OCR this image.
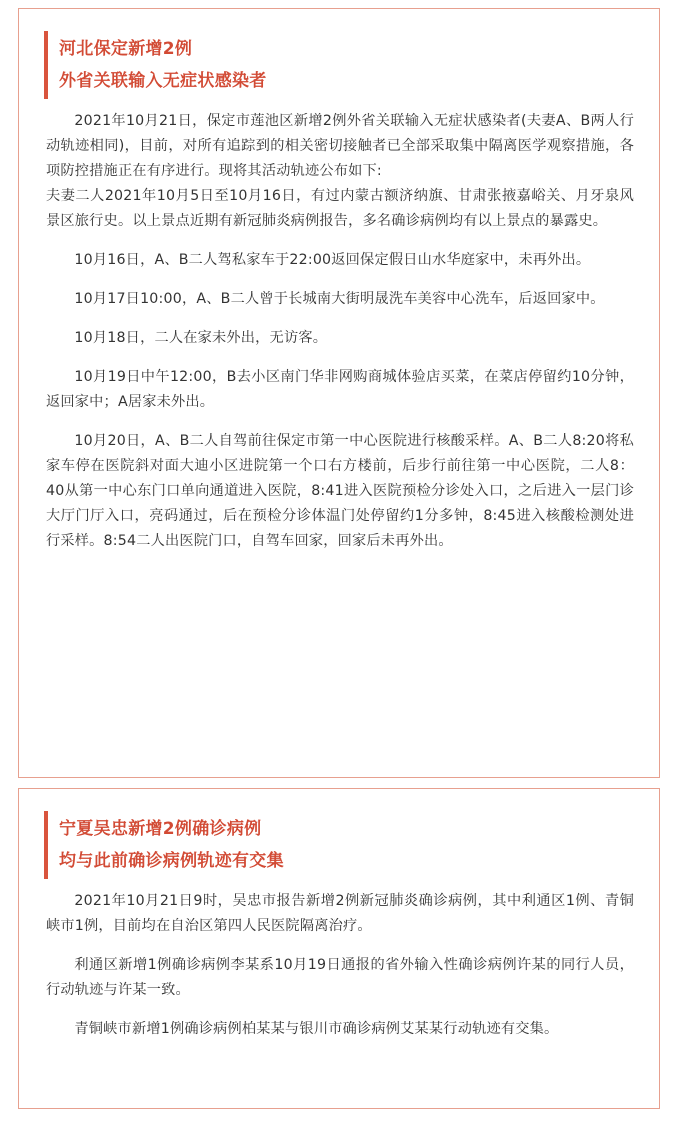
河北保定新增2例
外省关联输入无症状感染者

2021年10月21日，保定市莲池区新增2例外省关联输入无症状感染者(夫妻A、B两人行动轨迹相同)，目前，对所有追踪到的相关密切接触者已全部采取集中隔离医学观察措施，各项防控措施正在有序进行。现将其活动轨迹公布如下:

夫妻二人2021年10月5日至10月16日，有过内蒙古额济纳旗、甘肃张掖嘉峪关、月牙泉风景区旅行史。以上景点近期有新冠肺炎病例报告，多名确诊病例均有以上景点的暴露史。

10月16日，A、B二人驾私家车于22:00返回保定假日山水华庭家中，未再外出。

10月17日10:00，A、B二人曾于长城南大街明晟洗车美容中心洗车，后返回家中。

10月18日，二人在家未外出，无访客。

10月19日中午12:00，B去小区南门华非网购商城体验店买菜，在菜店停留约10分钟，返回家中；A居家未外出。

10月20日，A、B二人自驾前往保定市第一中心医院进行核酸采样。A、B二人8:20将私家车停在医院斜对面大迪小区进院第一个口右方楼前，后步行前往第一中心医院，二人8：40从第一中心东门口单向通道进入医院，8:41进入医院预检分诊处入口，之后进入一层门诊大厅门厅入口，亮码通过，后在预检分诊体温门处停留约1分多钟，8:45进入核酸检测处进行采样。8:54二人出医院门口，自驾车回家，回家后未再外出。

宁夏吴忠新增2例确诊病例
均与此前确诊病例轨迹有交集

2021年10月21日9时，吴忠市报告新增2例新冠肺炎确诊病例，其中利通区1例、青铜峡市1例，目前均在自治区第四人民医院隔离治疗。

利通区新增1例确诊病例李某系10月19日通报的省外输入性确诊病例许某的同行人员，行动轨迹与许某一致。

青铜峡市新增1例确诊病例柏某某与银川市确诊病例艾某某行动轨迹有交集。
